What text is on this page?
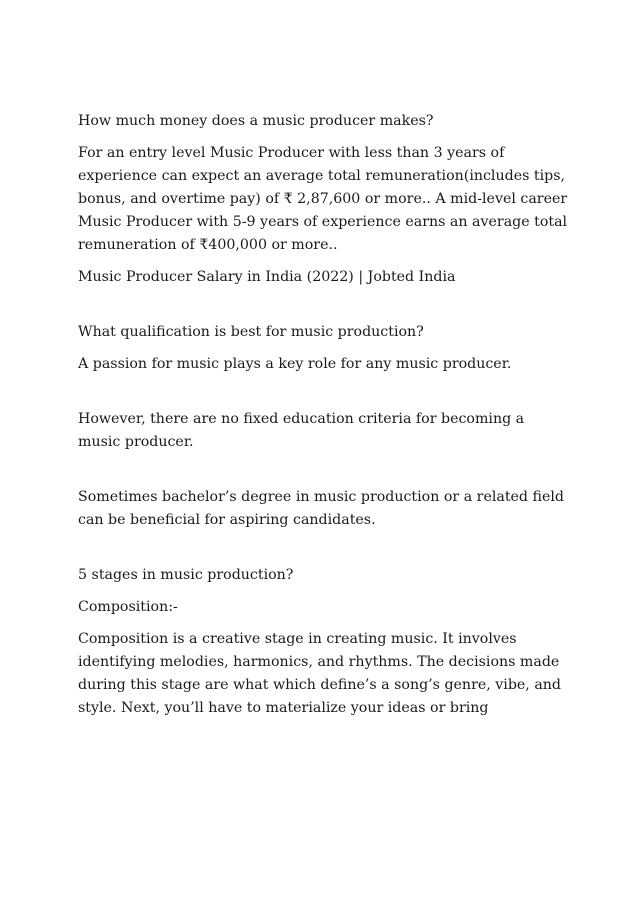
How much money does a music producer makes?

For an entry level Music Producer with less than 3 years of experience can expect an average total remuneration(includes tips, bonus, and overtime pay) of ₹ 2,87,600 or more.. A mid-level career Music Producer with 5-9 years of experience earns an average total remuneration of ₹400,000 or more..

Music Producer Salary in India (2022) | Jobted India

What qualification is best for music production?

A passion for music plays a key role for any music producer.

However, there are no fixed education criteria for becoming a music producer.

Sometimes bachelor’s degree in music production or a related field can be beneficial for aspiring candidates.

5 stages in music production?

Composition:-

Composition is a creative stage in creating music. It involves identifying melodies, harmonics, and rhythms. The decisions made during this stage are what which define’s a song’s genre, vibe, and style. Next, you’ll have to materialize your ideas or bring
